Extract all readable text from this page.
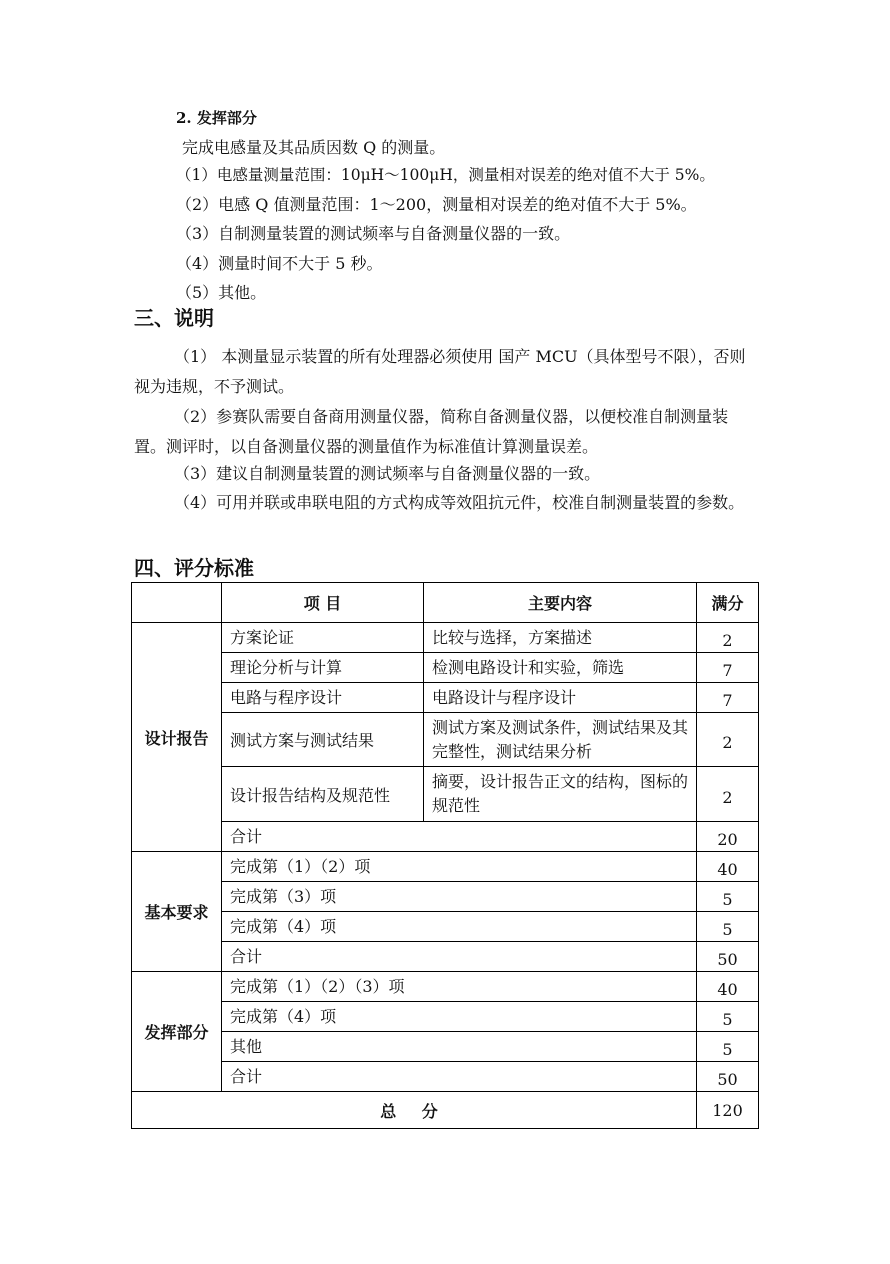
2. 发挥部分
完成电感量及其品质因数 Q 的测量。
（1）电感量测量范围：10μH～100μH，测量相对误差的绝对值不大于 5%。
（2）电感 Q 值测量范围：1～200，测量相对误差的绝对值不大于 5%。
（3）自制测量装置的测试频率与自备测量仪器的一致。
（4）测量时间不大于 5 秒。
（5）其他。
三、说明
（1） 本测量显示装置的所有处理器必须使用 国产 MCU（具体型号不限），否则视为违规，不予测试。
（2）参赛队需要自备商用测量仪器，简称自备测量仪器，以便校准自制测量装置。测评时，以自备测量仪器的测量值作为标准值计算测量误差。
（3）建议自制测量装置的测试频率与自备测量仪器的一致。
（4）可用并联或串联电阻的方式构成等效阻抗元件，校准自制测量装置的参数。
四、评分标准
	项 目	主要内容	满分
设计报告	方案论证	比较与选择，方案描述	2
	理论分析与计算	检测电路设计和实验，筛选	7
	电路与程序设计	电路设计与程序设计	7
	测试方案与测试结果	测试方案及测试条件，测试结果及其完整性，测试结果分析	2
	设计报告结构及规范性	摘要，设计报告正文的结构，图标的规范性	2
	合计		20
基本要求	完成第（1）（2）项		40
	完成第（3）项		5
	完成第（4）项		5
	合计		50
发挥部分	完成第（1）（2）（3）项		40
	完成第（4）项		5
	其他		5
	合计		50
总 分			120
